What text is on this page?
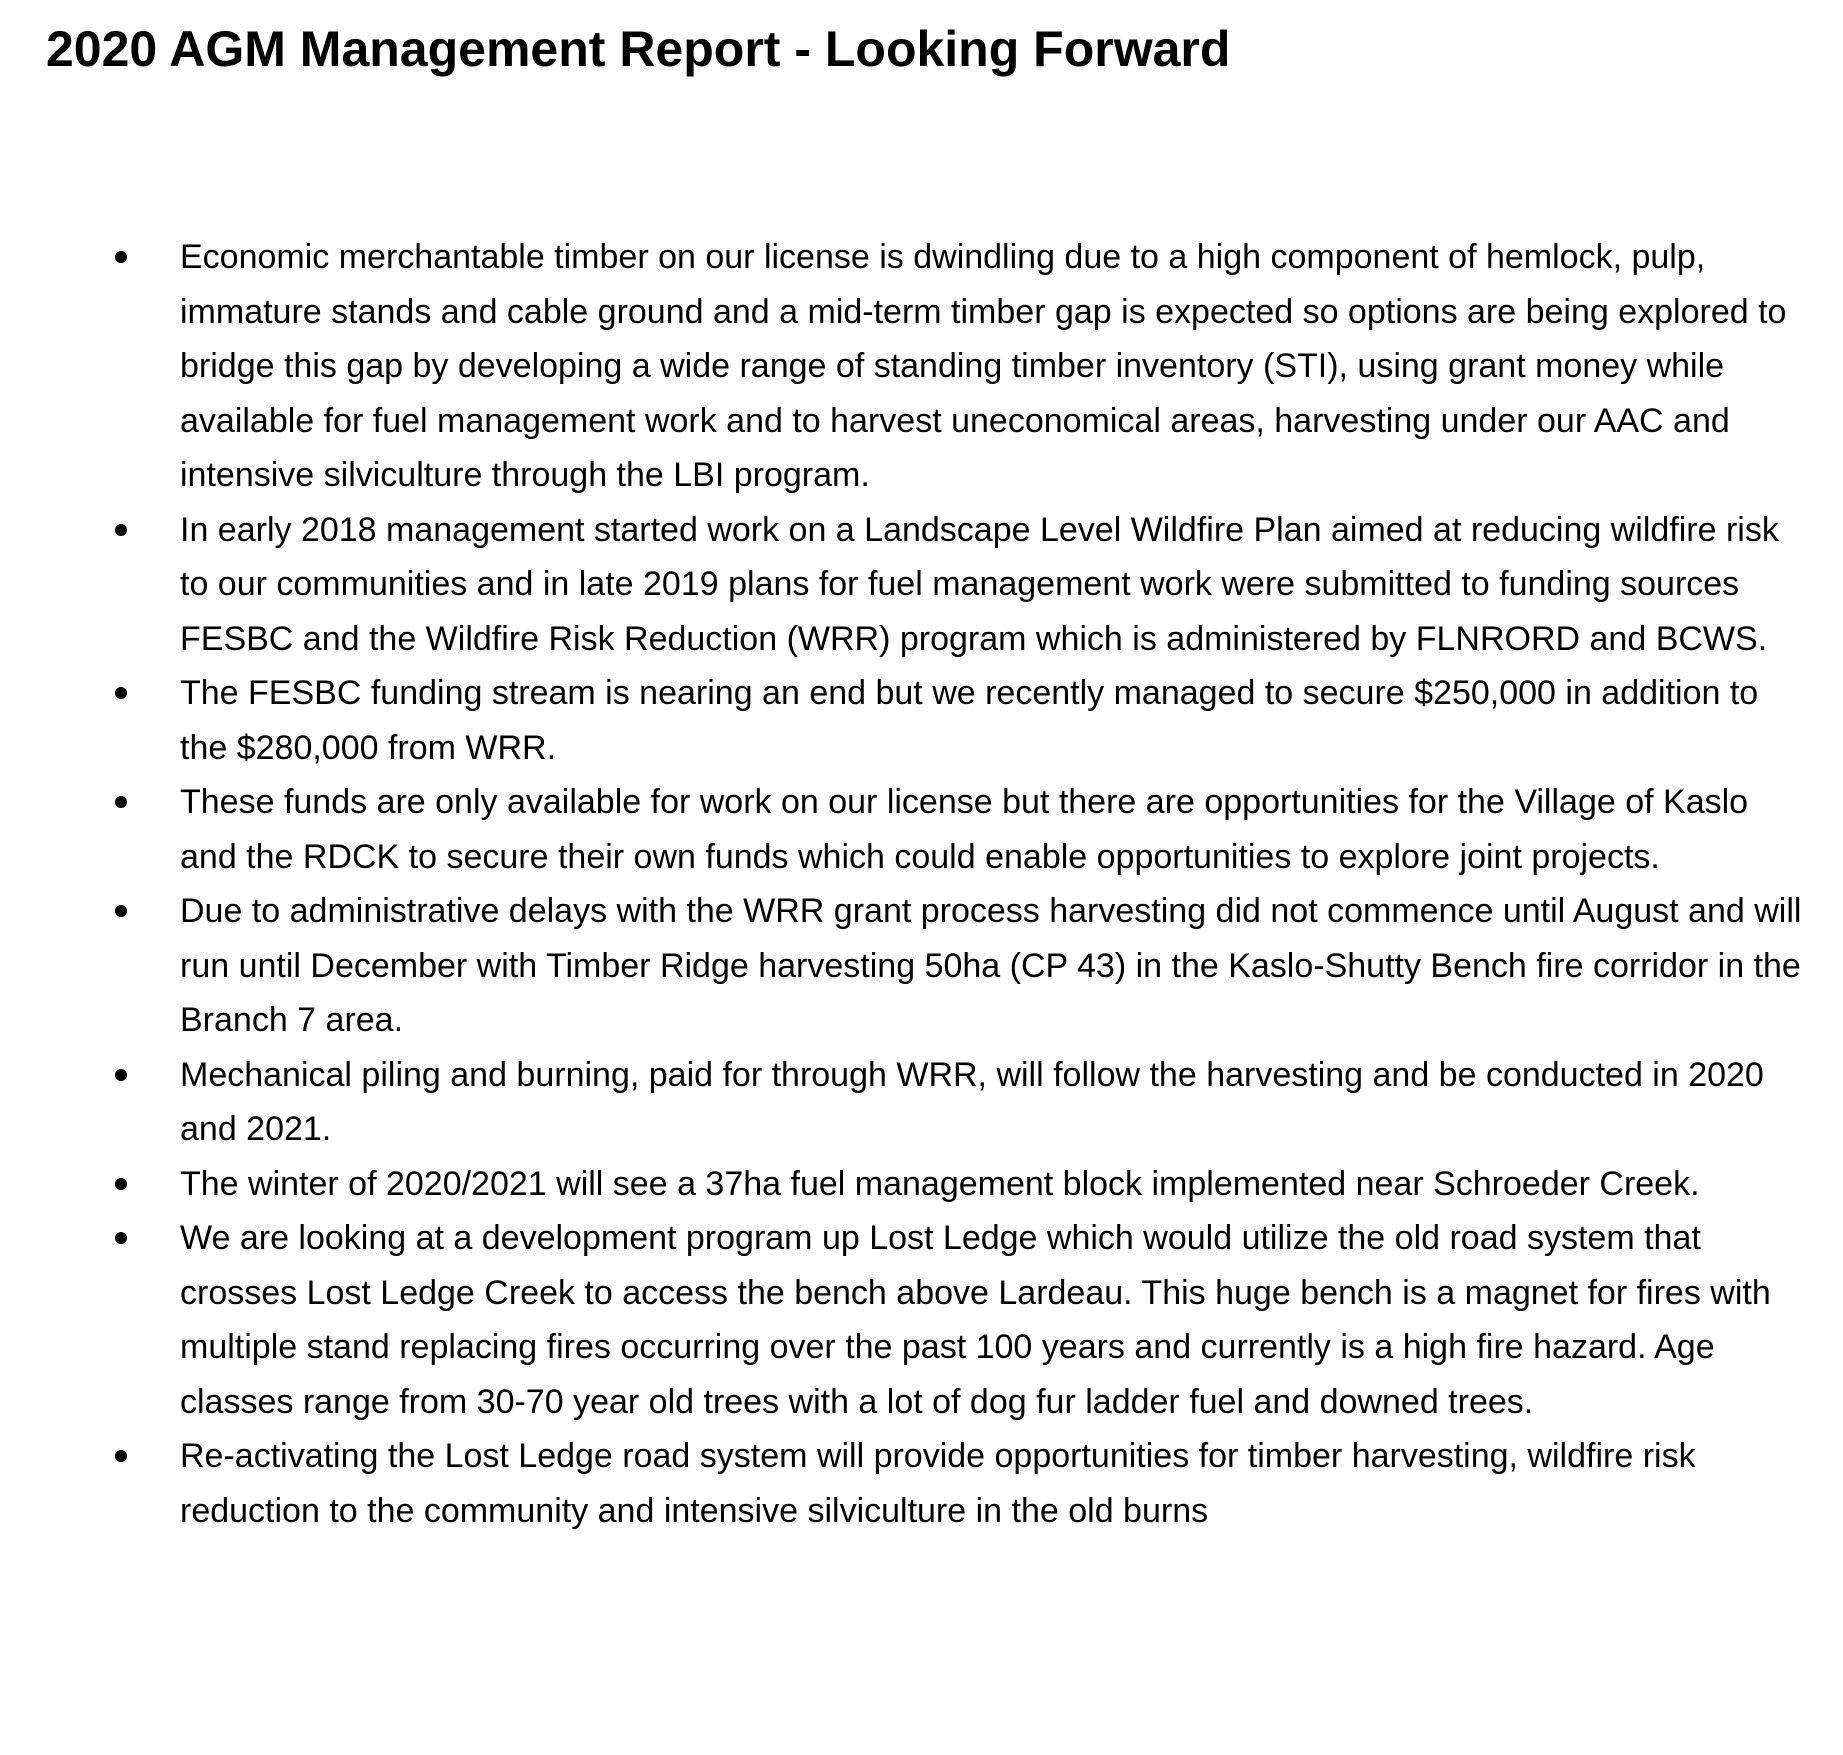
2020 AGM Management Report - Looking Forward
Economic merchantable timber on our license is dwindling due to a high component of hemlock, pulp, immature stands and cable ground and a mid-term timber gap is expected so options are being explored to bridge this gap by developing a wide range of standing timber inventory (STI), using grant money while available for fuel management work and to harvest uneconomical areas, harvesting under our AAC and intensive silviculture through the LBI program.
In early 2018 management started work on a Landscape Level Wildfire Plan aimed at reducing wildfire risk to our communities and in late 2019 plans for fuel management work were submitted to funding sources FESBC and the Wildfire Risk Reduction (WRR) program which is administered by FLNRORD and BCWS.
The FESBC funding stream is nearing an end but we recently managed to secure $250,000 in addition to the $280,000 from WRR.
These funds are only available for work on our license but there are opportunities for the Village of Kaslo and the RDCK to secure their own funds which could enable opportunities to explore joint projects.
Due to administrative delays with the WRR grant process harvesting did not commence until August and will run until December with Timber Ridge harvesting 50ha (CP 43) in the Kaslo-Shutty Bench fire corridor in the Branch 7 area.
Mechanical piling and burning, paid for through WRR, will follow the harvesting and be conducted in 2020 and 2021.
The winter of 2020/2021 will see a 37ha fuel management block implemented near Schroeder Creek.
We are looking at a development program up Lost Ledge which would utilize the old road system that crosses Lost Ledge Creek to access the bench above Lardeau. This huge bench is a magnet for fires with multiple stand replacing fires occurring over the past 100 years and currently is a high fire hazard. Age classes range from 30-70 year old trees with a lot of dog fur ladder fuel and downed trees.
Re-activating the Lost Ledge road system will provide opportunities for timber harvesting, wildfire risk reduction to the community and intensive silviculture in the old burns
